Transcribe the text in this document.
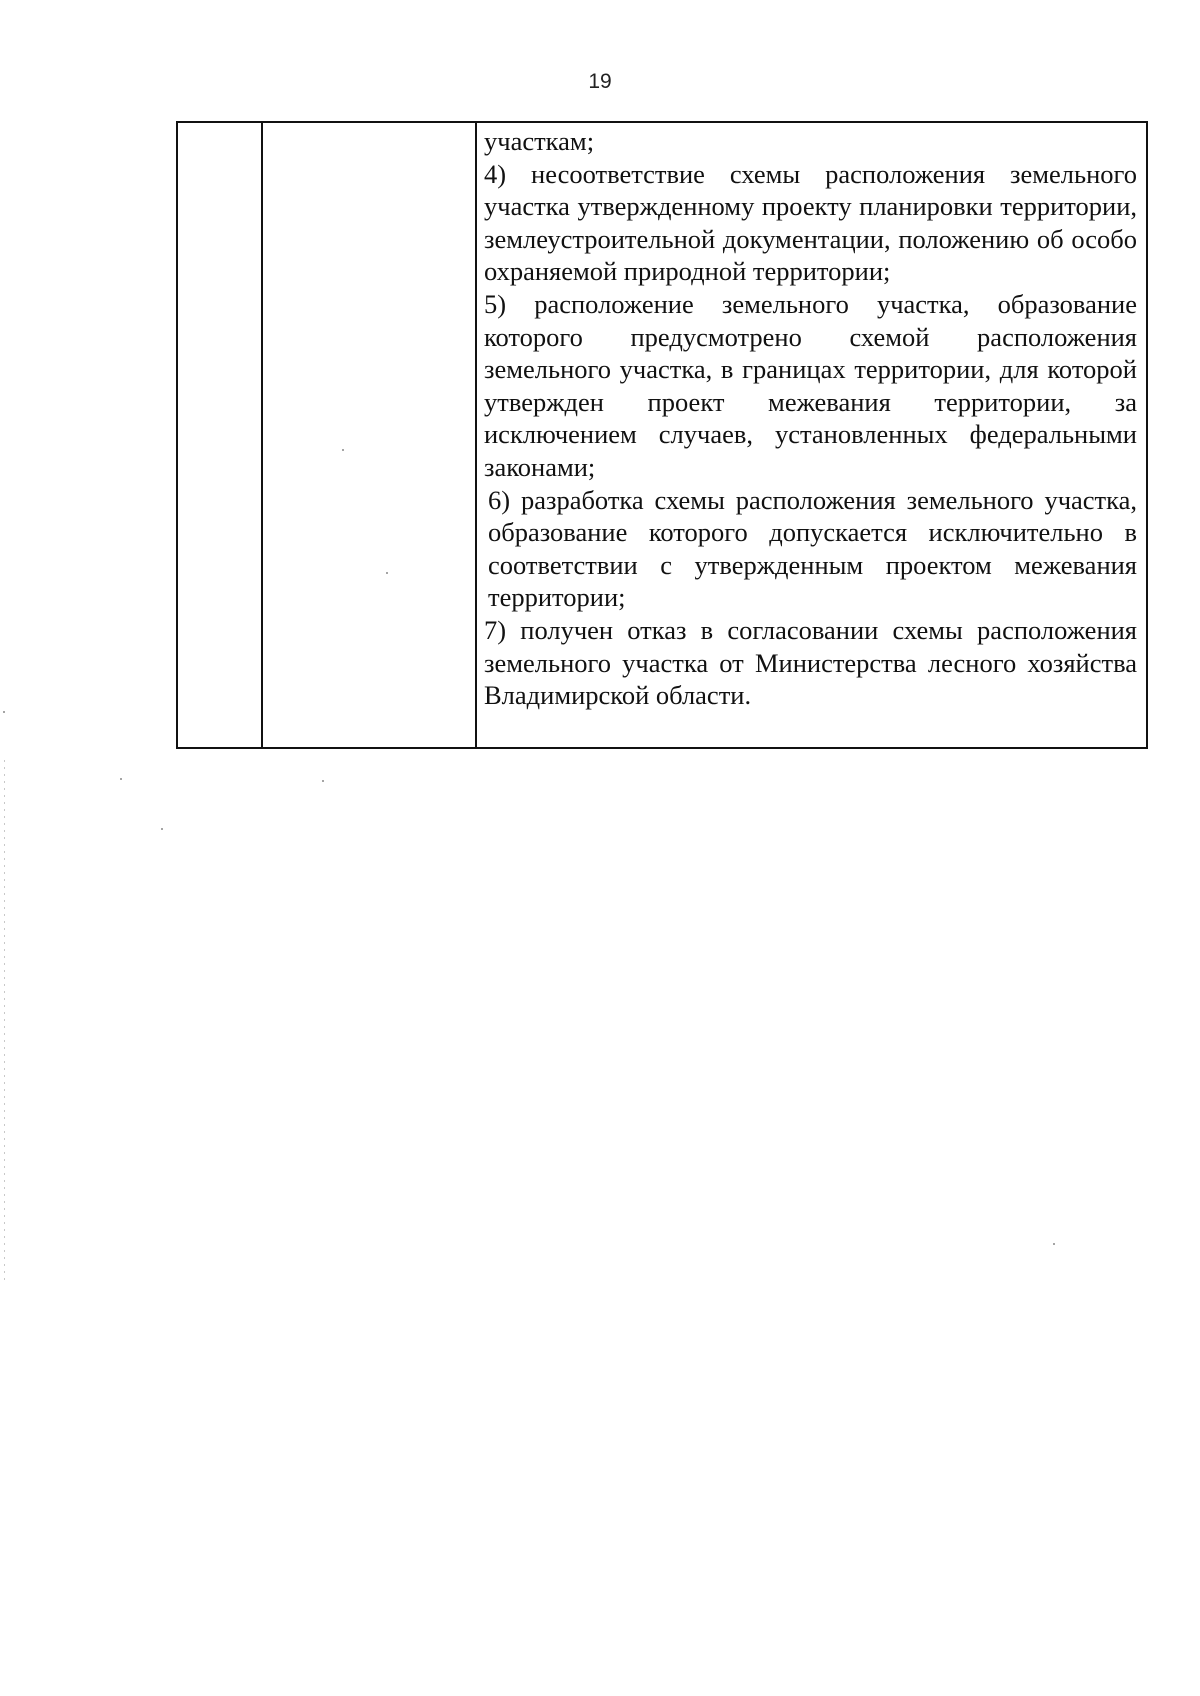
19

участкам;

4) несоответствие схемы расположения земельного участка утвержденному проекту планировки территории, землеустроительной документации, положению об особо охраняемой природной территории;

5) расположение земельного участка, образование которого предусмотрено схемой расположения земельного участка, в границах территории, для которой утвержден проект межевания территории, за исключением случаев, установленных федеральными законами;

6) разработка схемы расположения земельного участка, образование которого допускается исключительно в соответствии с утвержденным проектом межевания территории;

7) получен отказ в согласовании схемы расположения земельного участка от Министерства лесного хозяйства Владимирской области.
